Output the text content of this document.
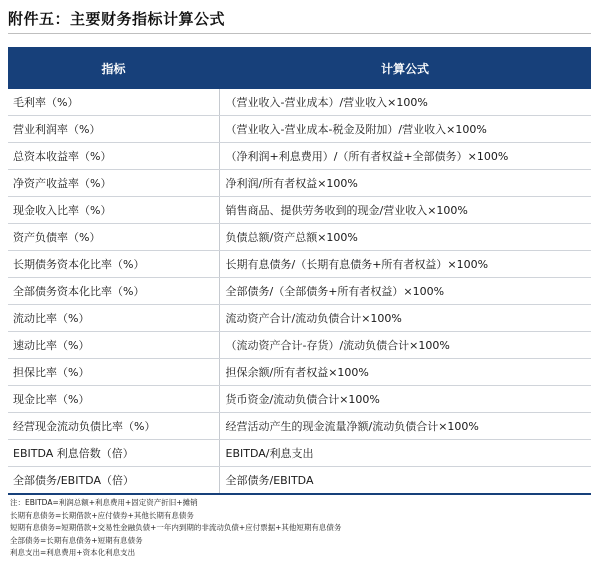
附件五：主要财务指标计算公式
指标	计算公式
毛利率（%）	（营业收入-营业成本）/营业收入×100%
营业利润率（%）	（营业收入-营业成本-税金及附加）/营业收入×100%
总资本收益率（%）	（净利润+利息费用）/（所有者权益+全部债务）×100%
净资产收益率（%）	净利润/所有者权益×100%
现金收入比率（%）	销售商品、提供劳务收到的现金/营业收入×100%
资产负债率（%）	负债总额/资产总额×100%
长期债务资本化比率（%）	长期有息债务/（长期有息债务+所有者权益）×100%
全部债务资本化比率（%）	全部债务/（全部债务+所有者权益）×100%
流动比率（%）	流动资产合计/流动负债合计×100%
速动比率（%）	（流动资产合计-存货）/流动负债合计×100%
担保比率（%）	担保余额/所有者权益×100%
现金比率（%）	货币资金/流动负债合计×100%
经营现金流动负债比率（%）	经营活动产生的现金流量净额/流动负债合计×100%
EBITDA 利息倍数（倍）	EBITDA/利息支出
全部债务/EBITDA（倍）	全部债务/EBITDA
注：EBITDA=利润总额+利息费用+固定资产折旧+摊销
长期有息债务=长期借款+应付债券+其他长期有息债务
短期有息债务=短期借款+交易性金融负债+一年内到期的非流动负债+应付票据+其他短期有息债务
全部债务=长期有息债务+短期有息债务
利息支出=利息费用+资本化利息支出
